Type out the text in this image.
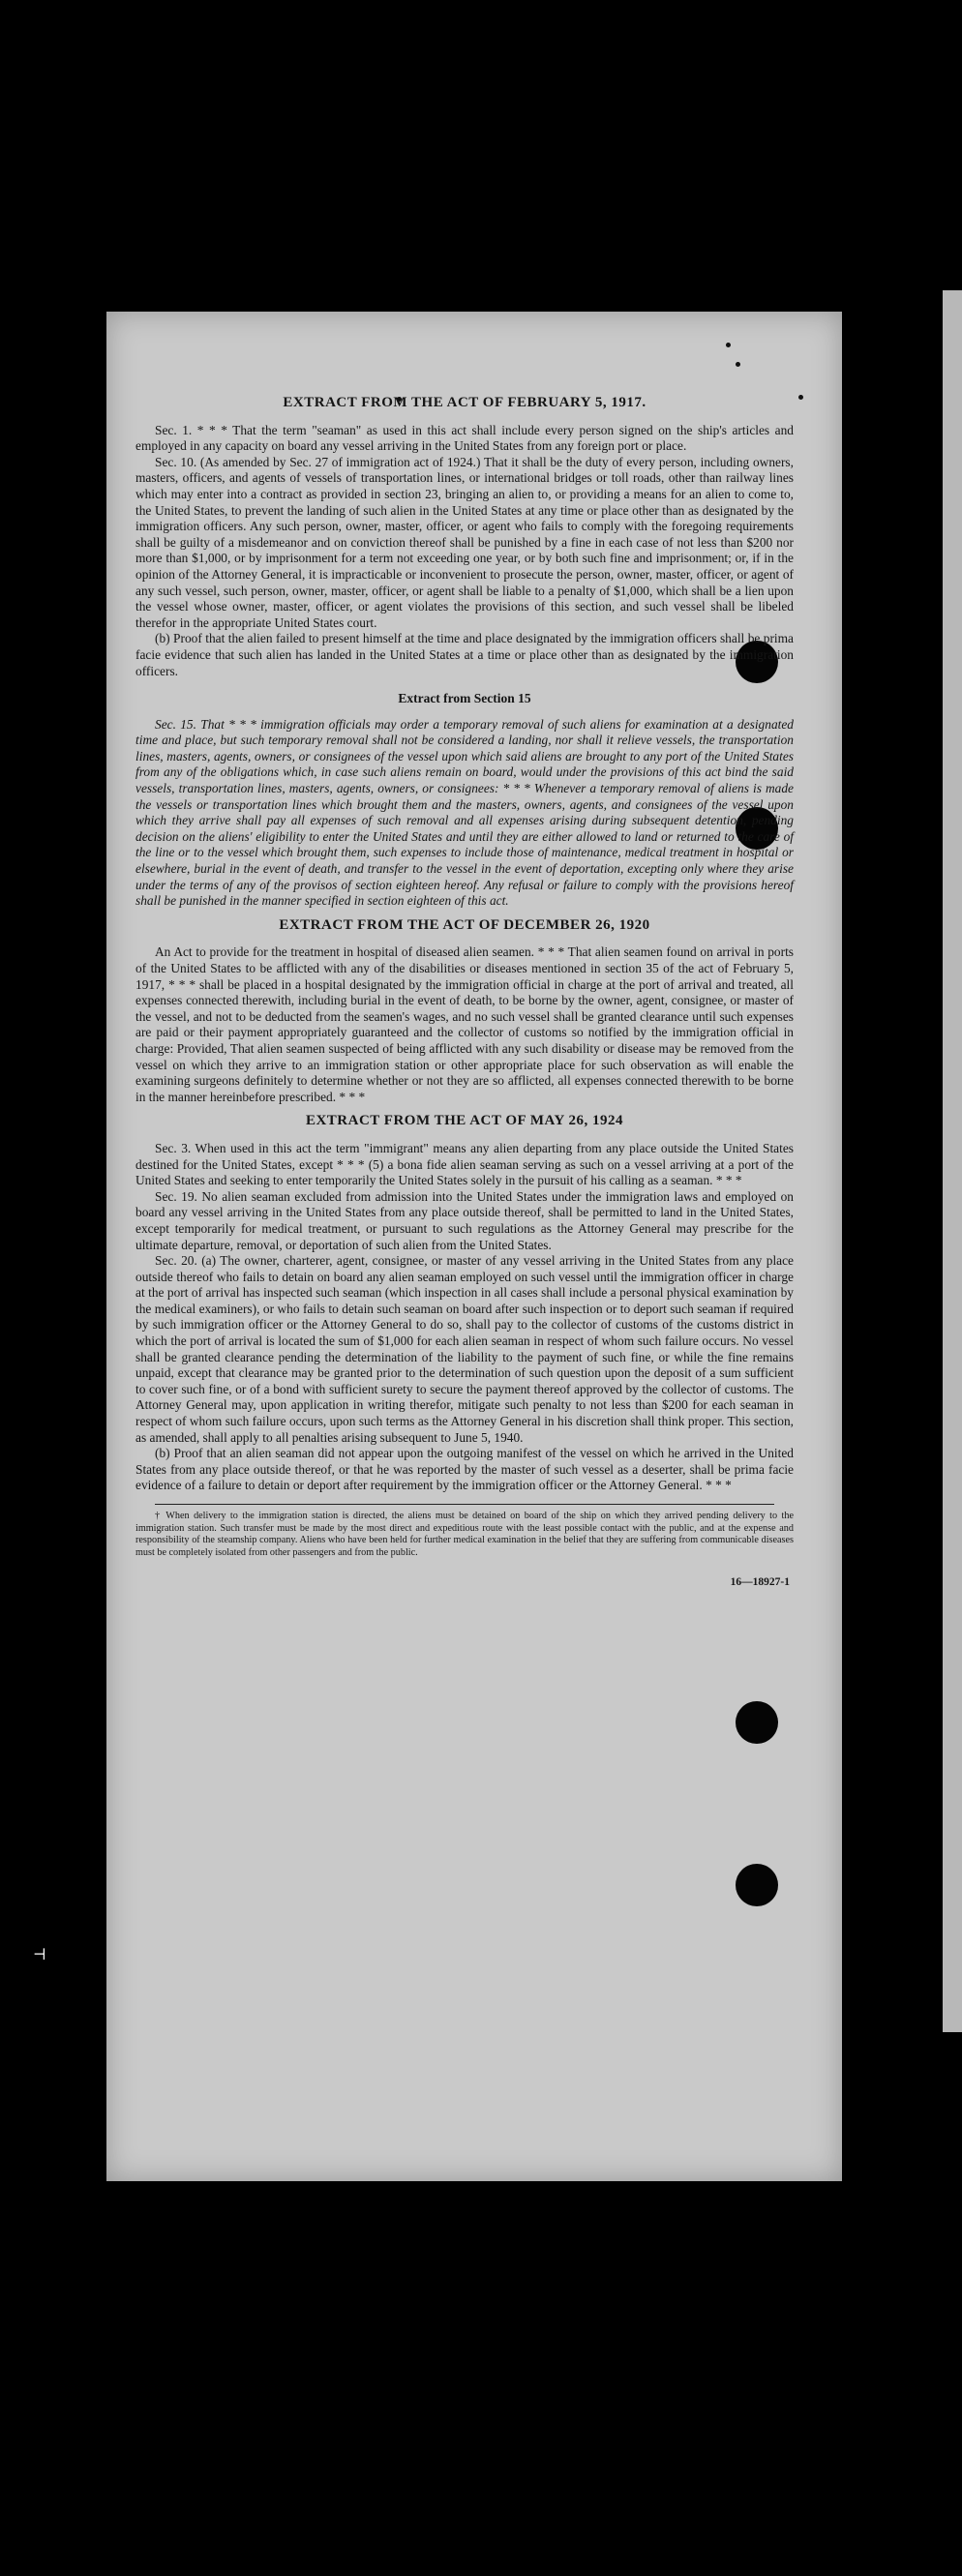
⊣
EXTRACT FROM THE ACT OF FEBRUARY 5, 1917.

Sec. 1. * * * That the term "seaman" as used in this act shall include every person signed on the ship's articles and employed in any capacity on board any vessel arriving in the United States from any foreign port or place.

Sec. 10. (As amended by Sec. 27 of immigration act of 1924.) That it shall be the duty of every person, including owners, masters, officers, and agents of vessels of transportation lines, or international bridges or toll roads, other than railway lines which may enter into a contract as provided in section 23, bringing an alien to, or providing a means for an alien to come to, the United States, to prevent the landing of such alien in the United States at any time or place other than as designated by the immigration officers. Any such person, owner, master, officer, or agent who fails to comply with the foregoing requirements shall be guilty of a misdemeanor and on conviction thereof shall be punished by a fine in each case of not less than $200 nor more than $1,000, or by imprisonment for a term not exceeding one year, or by both such fine and imprisonment; or, if in the opinion of the Attorney General, it is impracticable or inconvenient to prosecute the person, owner, master, officer, or agent of any such vessel, such person, owner, master, officer, or agent shall be liable to a penalty of $1,000, which shall be a lien upon the vessel whose owner, master, officer, or agent violates the provisions of this section, and such vessel shall be libeled therefor in the appropriate United States court.

(b) Proof that the alien failed to present himself at the time and place designated by the immigration officers shall be prima facie evidence that such alien has landed in the United States at a time or place other than as designated by the immigration officers.

Extract from Section 15

Sec. 15. That * * * immigration officials may order a temporary removal of such aliens for examination at a designated time and place, but such temporary removal shall not be considered a landing, nor shall it relieve vessels, the transportation lines, masters, agents, owners, or consignees of the vessel upon which said aliens are brought to any port of the United States from any of the obligations which, in case such aliens remain on board, would under the provisions of this act bind the said vessels, transportation lines, masters, agents, owners, or consignees: * * * Whenever a temporary removal of aliens is made the vessels or transportation lines which brought them and the masters, owners, agents, and consignees of the vessel upon which they arrive shall pay all expenses of such removal and all expenses arising during subsequent detention, pending decision on the aliens' eligibility to enter the United States and until they are either allowed to land or returned to the care of the line or to the vessel which brought them, such expenses to include those of maintenance, medical treatment in hospital or elsewhere, burial in the event of death, and transfer to the vessel in the event of deportation, excepting only where they arise under the terms of any of the provisos of section eighteen hereof. Any refusal or failure to comply with the provisions hereof shall be punished in the manner specified in section eighteen of this act.

EXTRACT FROM THE ACT OF DECEMBER 26, 1920

An Act to provide for the treatment in hospital of diseased alien seamen. * * * That alien seamen found on arrival in ports of the United States to be afflicted with any of the disabilities or diseases mentioned in section 35 of the act of February 5, 1917, * * * shall be placed in a hospital designated by the immigration official in charge at the port of arrival and treated, all expenses connected therewith, including burial in the event of death, to be borne by the owner, agent, consignee, or master of the vessel, and not to be deducted from the seamen's wages, and no such vessel shall be granted clearance until such expenses are paid or their payment appropriately guaranteed and the collector of customs so notified by the immigration official in charge: Provided, That alien seamen suspected of being afflicted with any such disability or disease may be removed from the vessel on which they arrive to an immigration station or other appropriate place for such observation as will enable the examining surgeons definitely to determine whether or not they are so afflicted, all expenses connected therewith to be borne in the manner hereinbefore prescribed. * * *

EXTRACT FROM THE ACT OF MAY 26, 1924

Sec. 3. When used in this act the term "immigrant" means any alien departing from any place outside the United States destined for the United States, except * * * (5) a bona fide alien seaman serving as such on a vessel arriving at a port of the United States and seeking to enter temporarily the United States solely in the pursuit of his calling as a seaman. * * *

Sec. 19. No alien seaman excluded from admission into the United States under the immigration laws and employed on board any vessel arriving in the United States from any place outside thereof, shall be permitted to land in the United States, except temporarily for medical treatment, or pursuant to such regulations as the Attorney General may prescribe for the ultimate departure, removal, or deportation of such alien from the United States.

Sec. 20. (a) The owner, charterer, agent, consignee, or master of any vessel arriving in the United States from any place outside thereof who fails to detain on board any alien seaman employed on such vessel until the immigration officer in charge at the port of arrival has inspected such seaman (which inspection in all cases shall include a personal physical examination by the medical examiners), or who fails to detain such seaman on board after such inspection or to deport such seaman if required by such immigration officer or the Attorney General to do so, shall pay to the collector of customs of the customs district in which the port of arrival is located the sum of $1,000 for each alien seaman in respect of whom such failure occurs. No vessel shall be granted clearance pending the determination of the liability to the payment of such fine, or while the fine remains unpaid, except that clearance may be granted prior to the determination of such question upon the deposit of a sum sufficient to cover such fine, or of a bond with sufficient surety to secure the payment thereof approved by the collector of customs. The Attorney General may, upon application in writing therefor, mitigate such penalty to not less than $200 for each seaman in respect of whom such failure occurs, upon such terms as the Attorney General in his discretion shall think proper. This section, as amended, shall apply to all penalties arising subsequent to June 5, 1940.

(b) Proof that an alien seaman did not appear upon the outgoing manifest of the vessel on which he arrived in the United States from any place outside thereof, or that he was reported by the master of such vessel as a deserter, shall be prima facie evidence of a failure to detain or deport after requirement by the immigration officer or the Attorney General. * * *

† When delivery to the immigration station is directed, the aliens must be detained on board of the ship on which they arrived pending delivery to the immigration station. Such transfer must be made by the most direct and expeditious route with the least possible contact with the public, and at the expense and responsibility of the steamship company. Aliens who have been held for further medical examination in the belief that they are suffering from communicable diseases must be completely isolated from other passengers and from the public.

16—18927-1
